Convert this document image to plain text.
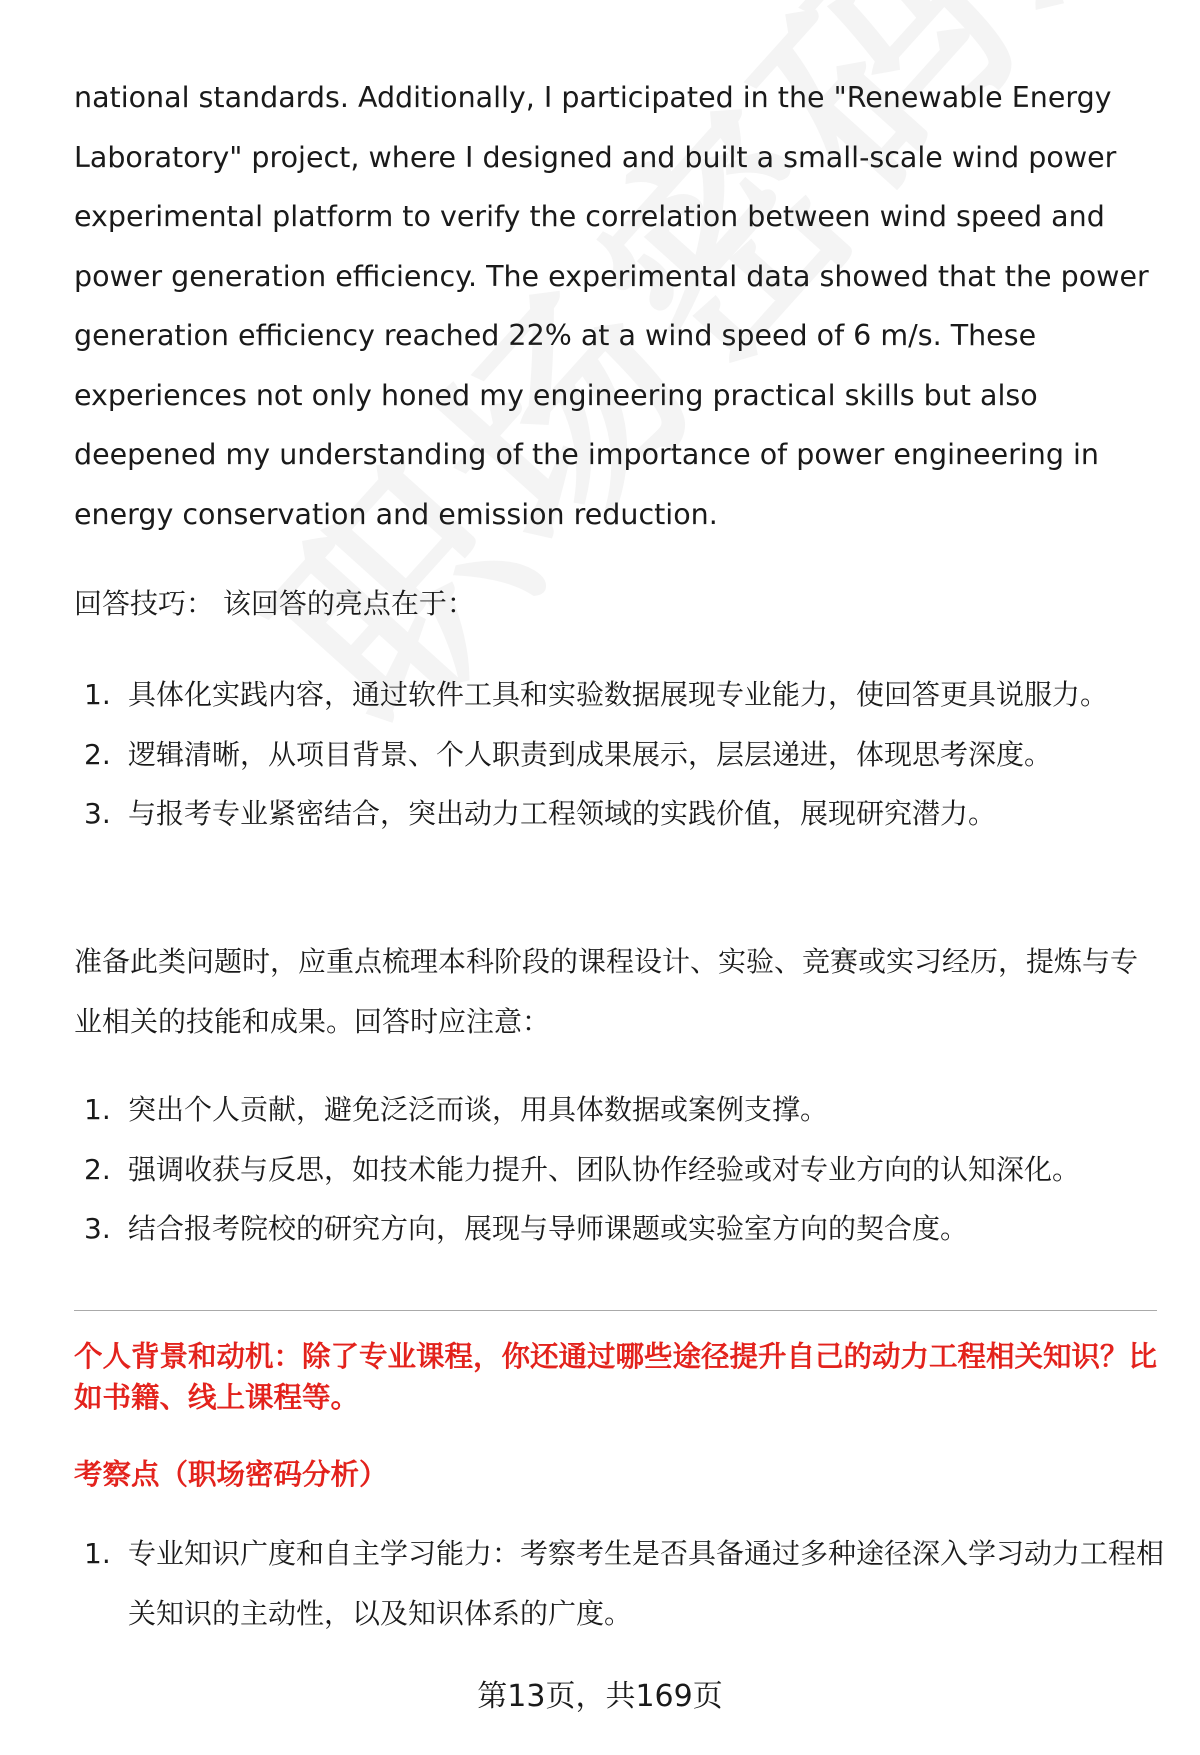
national standards. Additionally, I participated in the "Renewable Energy Laboratory" project, where I designed and built a small-scale wind power experimental platform to verify the correlation between wind speed and power generation efficiency. The experimental data showed that the power generation efficiency reached 22% at a wind speed of 6 m/s. These experiences not only honed my engineering practical skills but also deepened my understanding of the importance of power engineering in energy conservation and emission reduction.

回答技巧： 该回答的亮点在于：

1. 具体化实践内容，通过软件工具和实验数据展现专业能力，使回答更具说服力。
2. 逻辑清晰，从项目背景、个人职责到成果展示，层层递进，体现思考深度。
3. 与报考专业紧密结合，突出动力工程领域的实践价值，展现研究潜力。

准备此类问题时，应重点梳理本科阶段的课程设计、实验、竞赛或实习经历，提炼与专业相关的技能和成果。回答时应注意：

1. 突出个人贡献，避免泛泛而谈，用具体数据或案例支撑。
2. 强调收获与反思，如技术能力提升、团队协作经验或对专业方向的认知深化。
3. 结合报考院校的研究方向，展现与导师课题或实验室方向的契合度。

个人背景和动机：除了专业课程，你还通过哪些途径提升自己的动力工程相关知识？比如书籍、线上课程等。

考察点（职场密码分析）

1. 专业知识广度和自主学习能力：考察考生是否具备通过多种途径深入学习动力工程相关知识的主动性，以及知识体系的广度。
第13页，共169页
